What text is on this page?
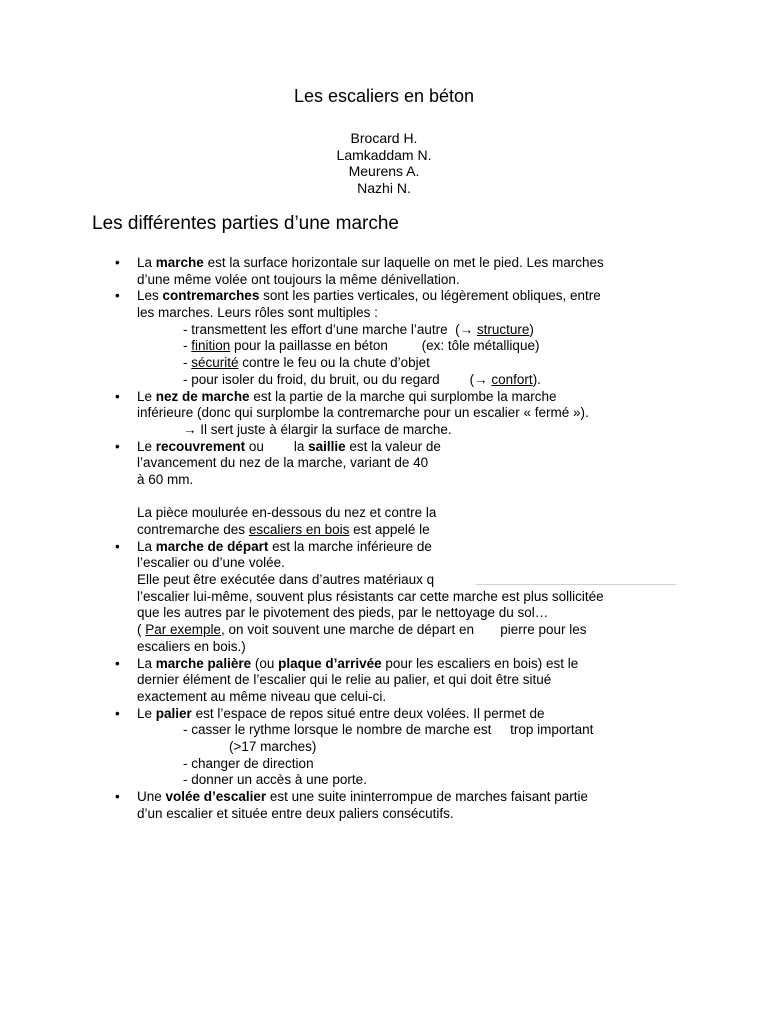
Les escaliers en béton
Brocard H.
Lamkaddam N.
Meurens A.
Nazhi N.
Les différentes parties d’une marche
• La marche est la surface horizontale sur laquelle on met le pied. Les marches
d’une même volée ont toujours la même dénivellation.
• Les contremarches sont les parties verticales, ou légèrement obliques, entre
les marches. Leurs rôles sont multiples :
- transmettent les effort d’une marche l’autre  (→ structure)
- finition pour la paillasse en béton         (ex: tôle métallique)
- sécurité contre le feu ou la chute d’objet
- pour isoler du froid, du bruit, ou du regard        (→ confort).
• Le nez de marche est la partie de la marche qui surplombe la marche
inférieure (donc qui surplombe la contremarche pour un escalier « fermé »).
→ Il sert juste à élargir la surface de marche.
• Le recouvrement ou        la saillie est la valeur de
l’avancement du nez de la marche, variant de 40
à 60 mm.
La pièce moulurée en-dessous du nez et contre la
contremarche des escaliers en bois est appelé le
• La marche de départ est la marche inférieure de
l’escalier ou d’une volée.
Elle peut être exécutée dans d’autres matériaux q
l’escalier lui-même, souvent plus résistants car cette marche est plus sollicitée
que les autres par le pivotement des pieds, par le nettoyage du sol…
( Par exemple, on voit souvent une marche de départ en       pierre pour les
escaliers en bois.)
• La marche palière (ou plaque d’arrivée pour les escaliers en bois) est le
dernier élément de l’escalier qui le relie au palier, et qui doit être situé
exactement au même niveau que celui-ci.
• Le palier est l’espace de repos situé entre deux volées. Il permet de
- casser le rythme lorsque le nombre de marche est     trop important
(>17 marches)
- changer de direction
- donner un accès à une porte.
• Une volée d’escalier est une suite ininterrompue de marches faisant partie
d’un escalier et située entre deux paliers consécutifs.
